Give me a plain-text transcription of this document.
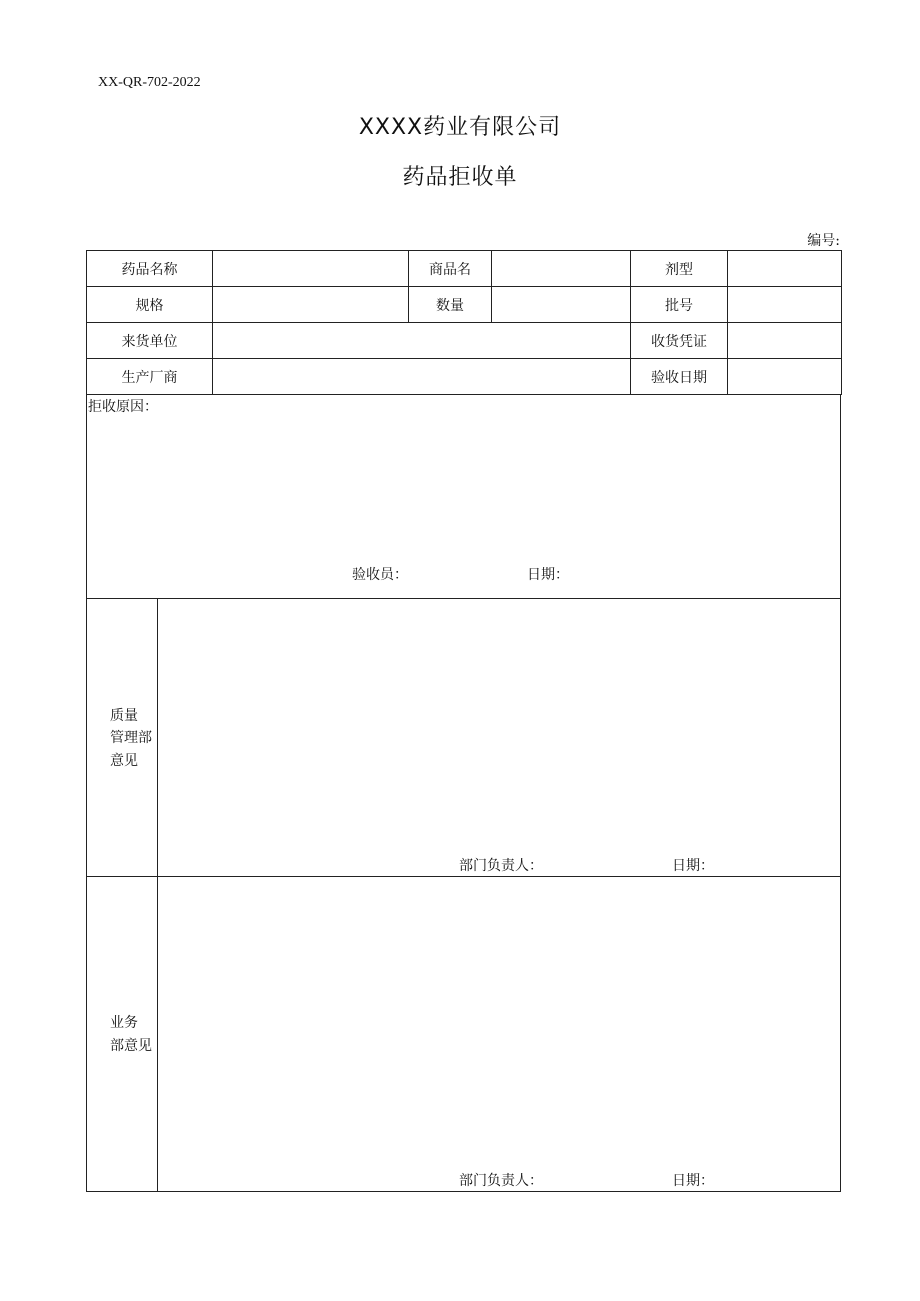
XX-QR-702-2022
XXXX药业有限公司
药品拒收单
编号:
药品名称		商品名		剂型	
规格		数量		批号	
来货单位				收货凭证	
生产厂商				验收日期	
拒收原因：
验收员：	日期：
质量
管理部
意见
部门负责人：	日期：
业务
部意见
部门负责人：	日期：
